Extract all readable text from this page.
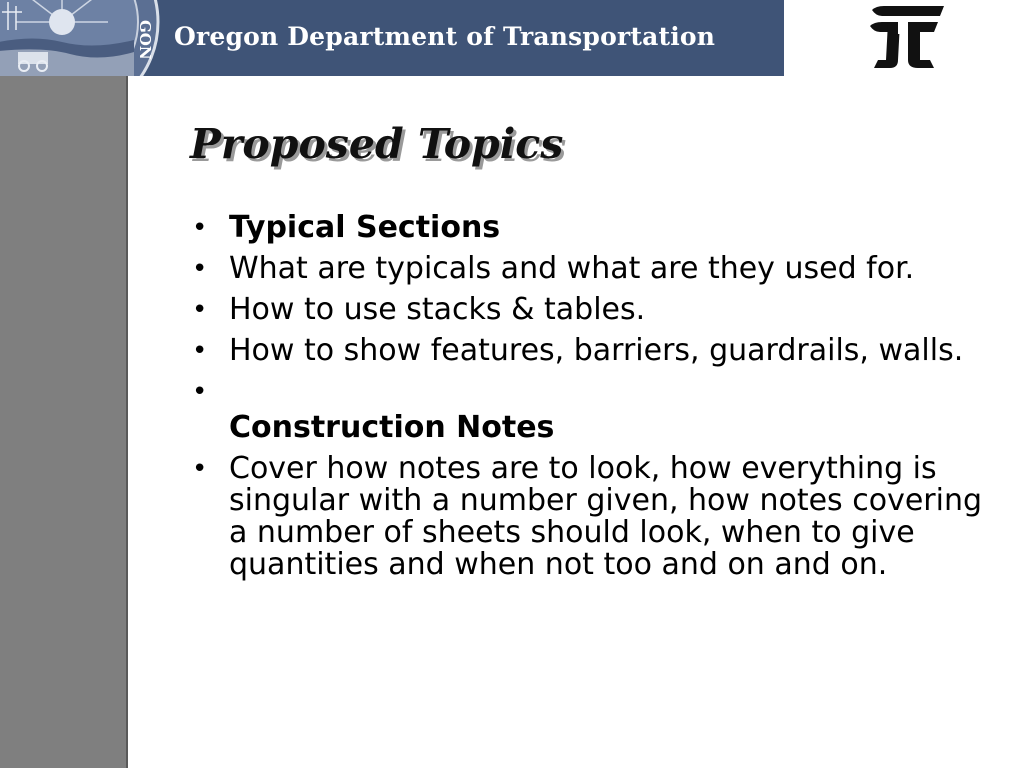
GON Oregon Department of Transportation
Proposed Topics
• Typical Sections
• What are typicals and what are they used for.
• How to use stacks & tables.
• How to show features, barriers, guardrails, walls.
•

Construction Notes
• Cover how notes are to look, how everything is singular with a number given, how notes covering a number of sheets should look, when to give quantities and when not too and on and on.
